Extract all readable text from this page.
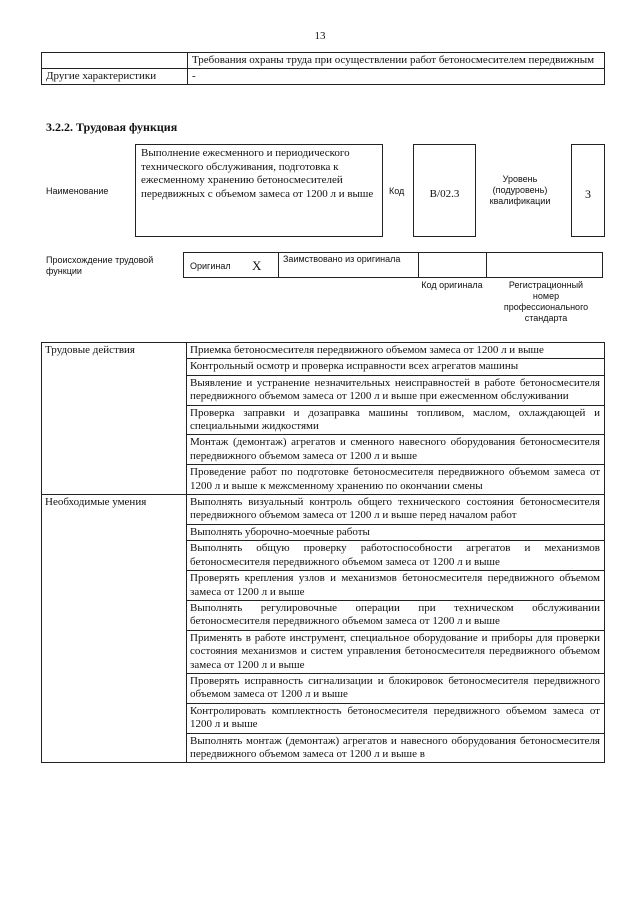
13
	Требования охраны труда при осуществлении работ бетоносмесителем передвижным
Другие характеристики	-
3.2.2. Трудовая функция
Наименование
Выполнение ежесменного и периодического технического обслуживания, подготовка к ежесменному хранению бетоносмесителей передвижных с объемом замеса от 1200 л и выше	Код	B/02.3
Уровень (подуровень) квалификации	3
Происхождение трудовой функции	Оригинал X Заимствовано из оригинала
Код оригинала	Регистрационный номер профессионального стандарта
Трудовые действия	Приемка бетоносмесителя передвижного объемом замеса от 1200 л и выше
	Контрольный осмотр и проверка исправности всех агрегатов машины
	Выявление и устранение незначительных неисправностей в работе бетоносмесителя передвижного объемом замеса от 1200 л и выше при ежесменном обслуживании
	Проверка заправки и дозаправка машины топливом, маслом, охлаждающей и специальными жидкостями
	Монтаж (демонтаж) агрегатов и сменного навесного оборудования бетоносмесителя передвижного объемом замеса от 1200 л и выше
	Проведение работ по подготовке бетоносмесителя передвижного объемом замеса от 1200 л и выше к межсменному хранению по окончании смены
Необходимые умения	Выполнять визуальный контроль общего технического состояния бетоносмесителя передвижного объемом замеса от 1200 л и выше перед началом работ
	Выполнять уборочно-моечные работы
	Выполнять общую проверку работоспособности агрегатов и механизмов бетоносмесителя передвижного объемом замеса от 1200 л и выше
	Проверять крепления узлов и механизмов бетоносмесителя передвижного объемом замеса от 1200 л и выше
	Выполнять регулировочные операции при техническом обслуживании бетоносмесителя передвижного объемом замеса от 1200 л и выше
	Применять в работе инструмент, специальное оборудование и приборы для проверки состояния механизмов и систем управления бетоносмесителя передвижного объемом замеса от 1200 л и выше
	Проверять исправность сигнализации и блокировок бетоносмесителя передвижного объемом замеса от 1200 л и выше
	Контролировать комплектность бетоносмесителя передвижного объемом замеса от 1200 л и выше
	Выполнять монтаж (демонтаж) агрегатов и навесного оборудования бетоносмесителя передвижного объемом замеса от 1200 л и выше в
